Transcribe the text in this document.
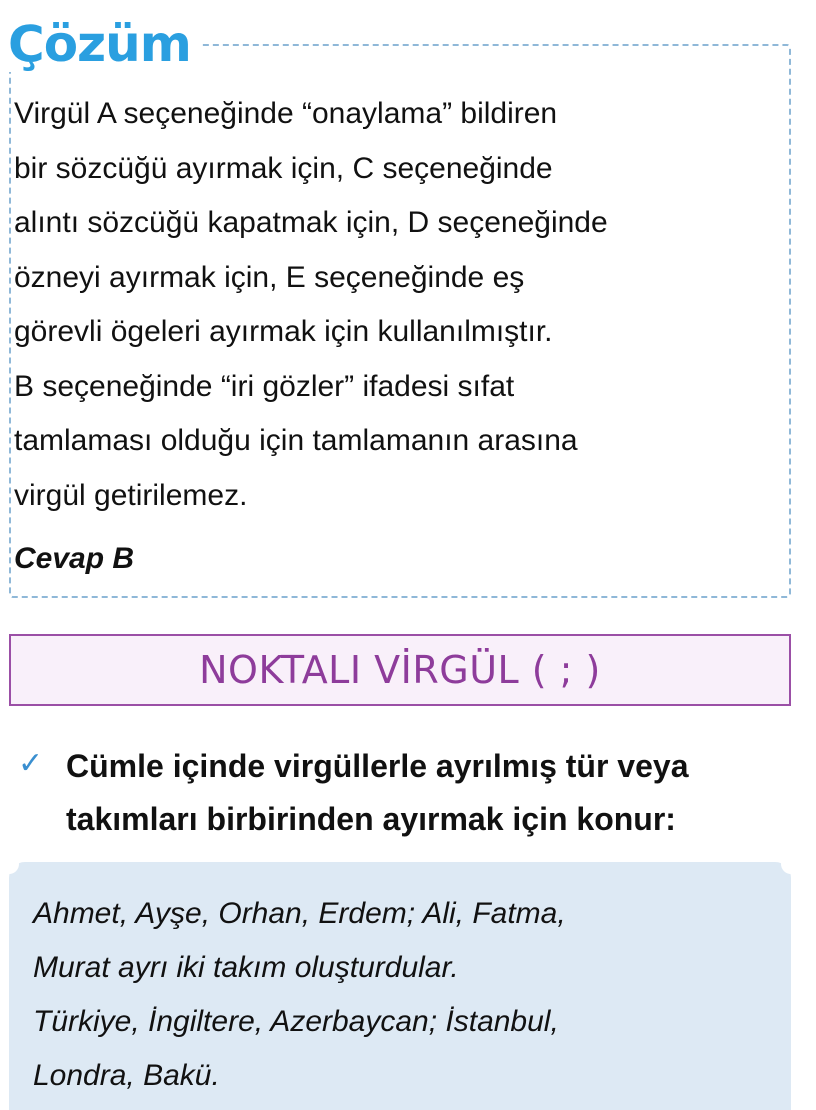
Çözüm
Virgül A seçeneğinde “onaylama” bildiren
bir sözcüğü ayırmak için, C seçeneğinde
alıntı sözcüğü kapatmak için, D seçeneğinde
özneyi ayırmak için, E seçeneğinde eş
görevli ögeleri ayırmak için kullanılmıştır.
B seçeneğinde “iri gözler” ifadesi sıfat
tamlaması olduğu için tamlamanın arasına
virgül getirilemez.

Cevap B

NOKTALI VİRGÜL ( ; )
✓ Cümle içinde virgüllerle ayrılmış tür veya
takımları birbirinden ayırmak için konur:
Ahmet, Ayşe, Orhan, Erdem; Ali, Fatma,
Murat ayrı iki takım oluşturdular.
Türkiye, İngiltere, Azerbaycan; İstanbul,
Londra, Bakü.
